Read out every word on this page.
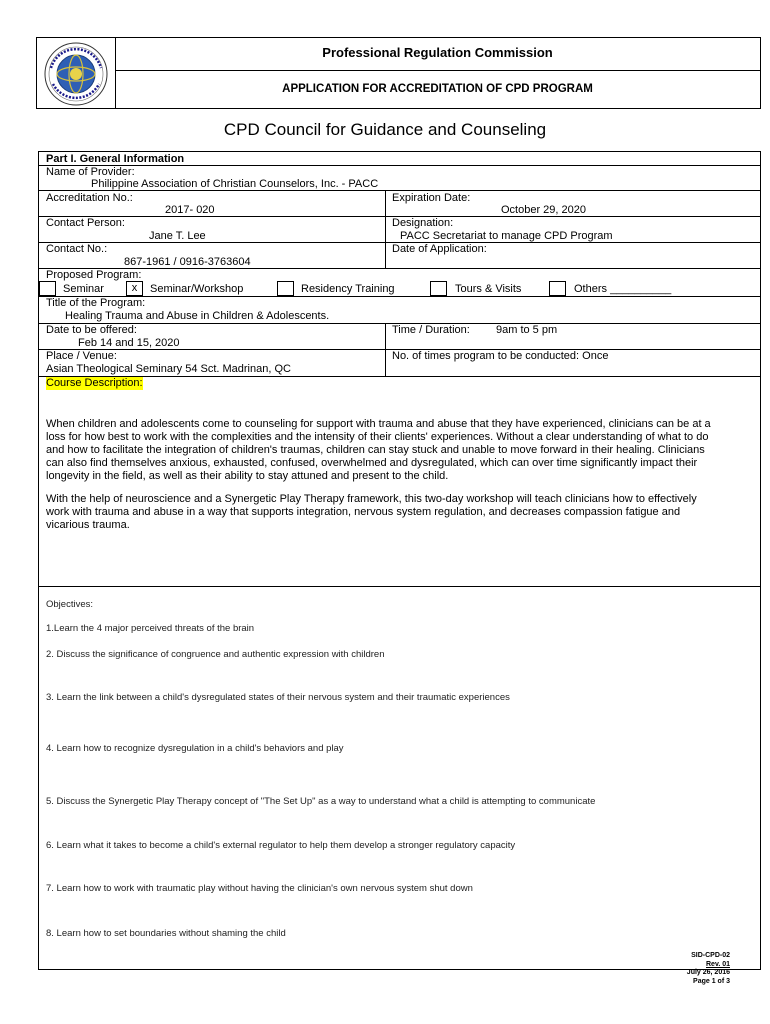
Professional Regulation Commission
APPLICATION FOR ACCREDITATION OF CPD PROGRAM
CPD Council for Guidance and Counseling
Part I. General Information
Name of Provider:
Philippine Association of Christian Counselors, Inc. - PACC
Accreditation No.:
2017- 020
Expiration Date:
October 29, 2020
Contact Person:
Jane T. Lee
Designation:
PACC Secretariat to manage CPD Program
Contact No.:
867-1961 / 0916-3763604
Date of Application:
Proposed Program:
Seminar	x	Seminar/Workshop	Residency Training	Tours & Visits	Others __________
Title of the Program:
Healing Trauma and Abuse in Children & Adolescents.
Date to be offered:
Feb 14 and 15, 2020
Time / Duration: 9am to 5 pm
Place / Venue:
Asian Theological Seminary 54 Sct. Madrinan, QC
No. of times program to be conducted: Once
Course Description:

When children and adolescents come to counseling for support with trauma and abuse that they have experienced, clinicians can be at a loss for how best to work with the complexities and the intensity of their clients' experiences. Without a clear understanding of what to do and how to facilitate the integration of children's traumas, children can stay stuck and unable to move forward in their healing. Clinicians can also find themselves anxious, exhausted, confused, overwhelmed and dysregulated, which can over time significantly impact their longevity in the field, as well as their ability to stay attuned and present to the child.

With the help of neuroscience and a Synergetic Play Therapy framework, this two-day workshop will teach clinicians how to effectively work with trauma and abuse in a way that supports integration, nervous system regulation, and decreases compassion fatigue and vicarious trauma.

Objectives:
1.Learn the 4 major perceived threats of the brain
2. Discuss the significance of congruence and authentic expression with children
3. Learn the link between a child's dysregulated states of their nervous system and their traumatic experiences
4. Learn how to recognize dysregulation in a child's behaviors and play
5. Discuss the Synergetic Play Therapy concept of "The Set Up" as a way to understand what a child is attempting to communicate
6. Learn what it takes to become a child's external regulator to help them develop a stronger regulatory capacity
7. Learn how to work with traumatic play without having the clinician's own nervous system shut down
8. Learn how to set boundaries without shaming the child
SID-CPD-02
Rev. 01
July 26, 2016
Page 1 of 3
